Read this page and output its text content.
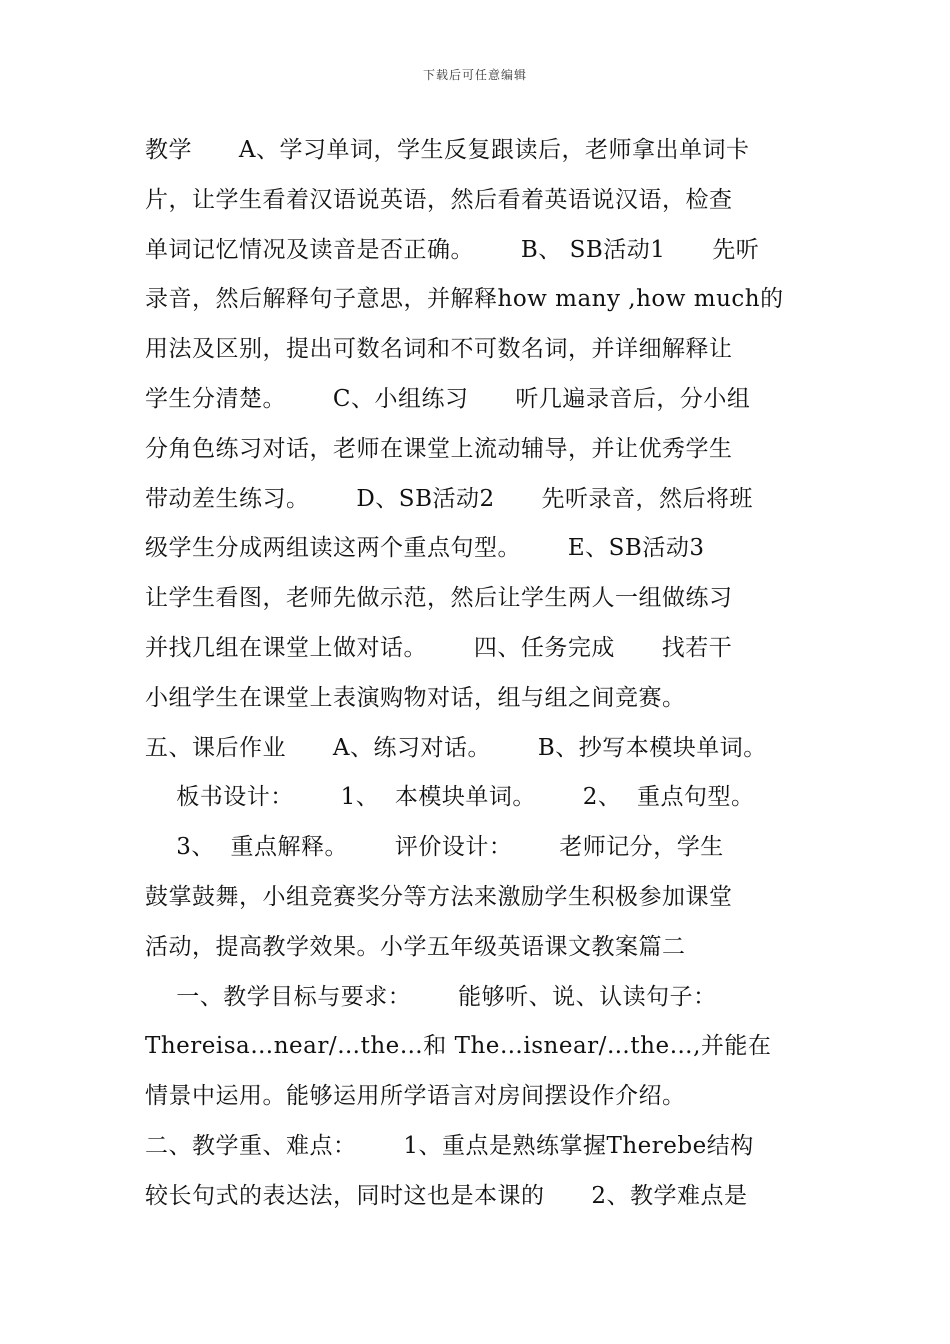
下载后可任意编辑
教学      A、学习单词，学生反复跟读后，老师拿出单词卡
片，让学生看着汉语说英语，然后看着英语说汉语，检查
单词记忆情况及读音是否正确。      B、 SB活动1      先听
录音，然后解释句子意思，并解释how many ,how much的
用法及区别，提出可数名词和不可数名词，并详细解释让
学生分清楚。      C、小组练习      听几遍录音后，分小组
分角色练习对话，老师在课堂上流动辅导，并让优秀学生
带动差生练习。      D、SB活动2      先听录音，然后将班
级学生分成两组读这两个重点句型。      E、SB活动3
让学生看图，老师先做示范，然后让学生两人一组做练习
并找几组在课堂上做对话。      四、任务完成      找若干
小组学生在课堂上表演购物对话，组与组之间竞赛。
五、课后作业      A、练习对话。      B、抄写本模块单词。
板书设计：      1、  本模块单词。      2、  重点句型。
3、  重点解释。      评价设计：      老师记分，学生
鼓掌鼓舞，小组竞赛奖分等方法来激励学生积极参加课堂
活动，提高教学效果。小学五年级英语课文教案篇二
一、教学目标与要求：      能够听、说、认读句子：
Thereisa…near/…the…和 The…isnear/…the…,并能在
情景中运用。能够运用所学语言对房间摆设作介绍。
二、教学重、难点：      1、重点是熟练掌握Therebe结构
较长句式的表达法，同时这也是本课的      2、教学难点是
